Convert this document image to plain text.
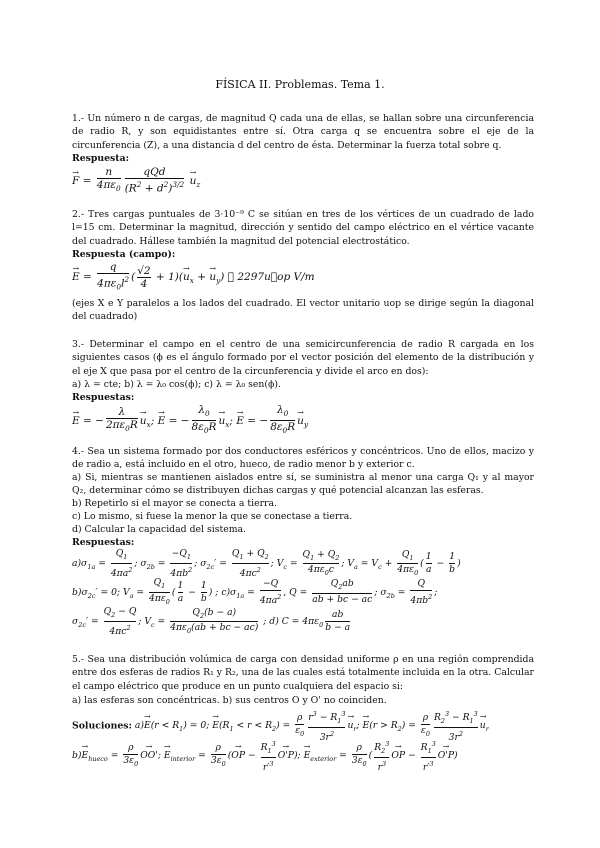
FÍSICA II. Problemas. Tema 1.
1.- Un número n de cargas, de magnitud Q cada una de ellas, se hallan sobre una circunferencia de radio R, y son equidistantes entre sí. Otra carga q se encuentra sobre el eje de la circunferencia (Z), a una distancia d del centro de ésta. Determinar la fuerza total sobre q.
Respuesta:
→ $F = \frac{n}{4\pi\varepsilon_0} \frac{\text{qQd}}{(R^2 + d^2)^{3/2}}$
→ $u_z$
2.- Tres cargas puntuales de 3·10⁻⁹ C se sitúan en tres de los vértices de un cuadrado de lado l=15 cm. Determinar la magnitud, dirección y sentido del campo eléctrico en el vértice vacante del cuadrado. Hállese también la magnitud del potencial electrostático.
Respuesta (campo):
→ $E = \frac{q}{4\pi\varepsilon_0l^2}$ ( $\frac{√2}{4} + 1)(\to u_x$ + → $u_y$) ≅ 2297u⃗op V/m
(ejes X e Y paralelos a los lados del cuadrado. El vector unitario uop se dirige según la diagonal del cuadrado)
3.- Determinar el campo en el centro de una semicircunferencia de radio R cargada en los siguientes casos (ϕ es el ángulo formado por el vector posición del elemento de la distribución y el eje X que pasa por el centro de la circunferencia y divide el arco en dos):
a) λ = cte; b) λ = λ₀ cos(ϕ); c) λ = λ₀ sen(ϕ).
Respuestas:
→ E = − $\frac{\lambda}{2\pi\varepsilon_0R}$
→ $u_x$; → E = − $\frac{\lambda_0}{8\varepsilon_0R}$
→ $u_x$; → E = − $\frac{\lambda_0}{8\varepsilon_0R}$
→ $u_y$
4.- Sea un sistema formado por dos conductores esféricos y concéntricos. Uno de ellos, macizo y de radio a, está incluido en el otro, hueco, de radio menor b y exterior c.
a) Si, mientras se mantienen aislados entre sí, se suministra al menor una carga Q₁ y al mayor Q₂, determinar cómo se distribuyen dichas cargas y qué potencial alcanzan las esferas.
b) Repetirlo si el mayor se conecta a tierra.
c) Lo mismo, si fuese la menor la que se conectase a tierra.
d) Calcular la capacidad del sistema.
Respuestas:
$a)\sigma_{1a} = \frac{Q_1}{4\pi a^2}$ ; $\sigma_{2b} = \frac{-Q_1}{4\pi b^2}$ ; $\sigma_{2c}' = \frac{Q_1 + Q_2}{4\pi c^2}$ ; $V_c = \frac{Q_1 + Q_2}{4\pi\varepsilon_0c}$ ; $V_a = V_c + \frac{Q_1}{4\pi\varepsilon_0}$ ( $\frac{1}{a} - \frac{1}{b}$ )
$b)\sigma_{2c}' = 0$; $V_a = \frac{Q_1}{4\pi\varepsilon_0}$ ( $\frac{1}{a} - \frac{1}{b}$ ) ; $c)\sigma_{1a} = \frac{-Q}{4\pi a^2}$ , $Q = \frac{Q_2ab}{ab + bc - ac}$ ; $\sigma_{2b} = \frac{Q}{4\pi b^2}$ ;
$\sigma_{2c}' = \frac{Q_2 - Q}{4\pi c^2}$ ; $V_c = \frac{Q_2(b - a)}{4\pi\varepsilon_0(ab + bc - ac)}$ ; d) $C = 4\pi\varepsilon_0 \frac{ab}{b - a}$
5.- Sea una distribución volúmica de carga con densidad uniforme ρ en una región comprendida entre dos esferas de radios R₁ y R₂, una de las cuales está totalmente incluida en la otra. Calcular el campo eléctrico que produce en un punto cualquiera del espacio si:
a) las esferas son concéntricas. b) sus centros O y O' no coinciden.
Soluciones: $a)\to E(r < R_1) = 0$; → $E(R_1 < r < R_2) = \frac{\rho}{\varepsilon_0} \frac{r^3 - R_1^3}{3r^2}$
→ $u_r$; → $E(r > R_2) = \frac{\rho}{\varepsilon_0} \frac{R_2^3 - R_1^3}{3r^2}$
→ $u_r$
$b)\to E_{hueco} = \frac{\rho}{3\varepsilon_0}$
→ OO'; → $E_{interior} = \frac{\rho}{3\varepsilon_0}$ (→ OP − $\frac{R_1^3}{r'^3}$
→ O'P); → $E_{exterior} = \frac{\rho}{3\varepsilon_0}$ ( $\frac{R_2^3}{r^3}$
→ OP − $\frac{R_1^3}{r'^3}$
→ O'P)
